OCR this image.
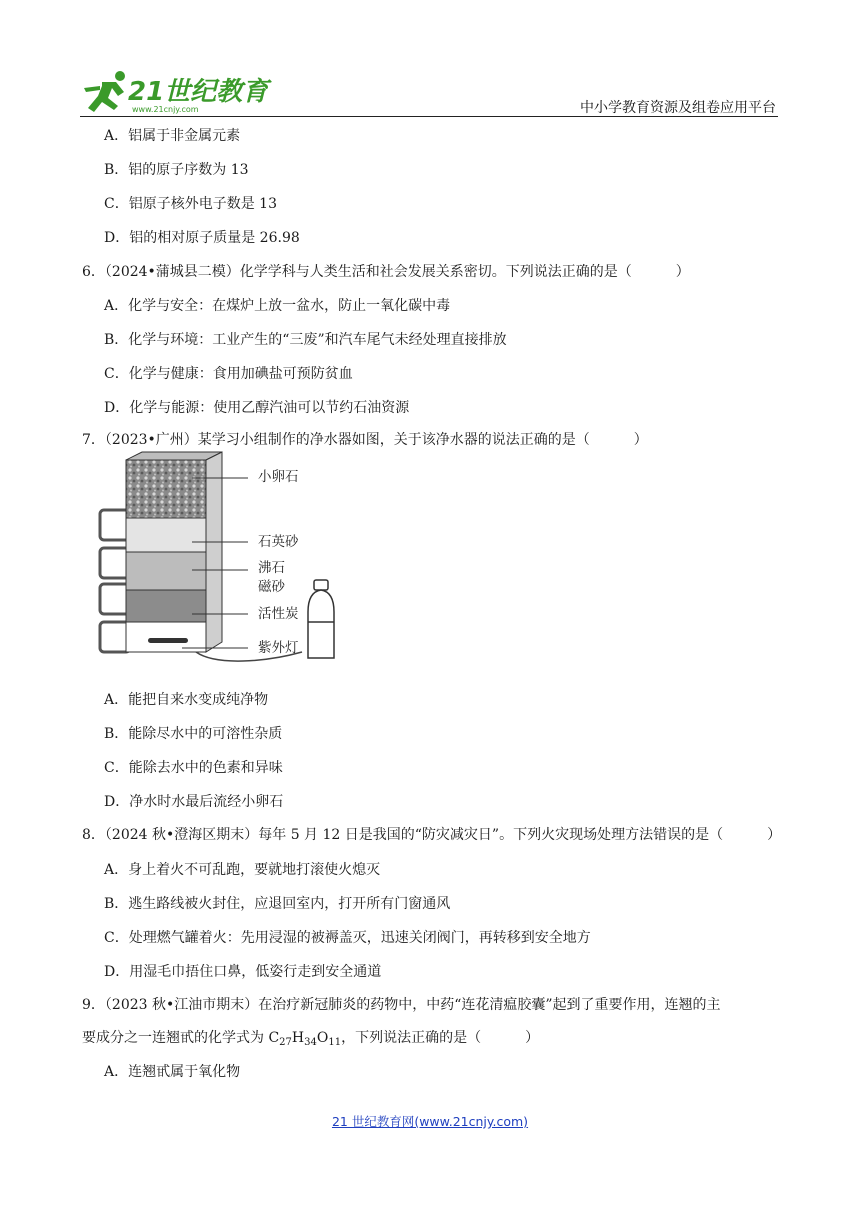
21世纪教育
www.21cnjy.com	中小学教育资源及组卷应用平台
A．铝属于非金属元素
B．铝的原子序数为 13
C．铝原子核外电子数是 13
D．铝的相对原子质量是 26.98
6．（2024•蒲城县二模）化学学科与人类生活和社会发展关系密切。下列说法正确的是（	）
A．化学与安全：在煤炉上放一盆水，防止一氧化碳中毒
B．化学与环境：工业产生的“三废”和汽车尾气未经处理直接排放
C．化学与健康：食用加碘盐可预防贫血
D．化学与能源：使用乙醇汽油可以节约石油资源
7．（2023•广州）某学习小组制作的净水器如图，关于该净水器的说法正确的是（	）
小卵石
石英砂
沸石
磁砂
活性炭
紫外灯
A．能把自来水变成纯净物
B．能除尽水中的可溶性杂质
C．能除去水中的色素和异味
D．净水时水最后流经小卵石
8．（2024 秋•澄海区期末）每年 5 月 12 日是我国的“防灾减灾日”。下列火灾现场处理方法错误的是（	）
A．身上着火不可乱跑，要就地打滚使火熄灭
B．逃生路线被火封住，应退回室内，打开所有门窗通风
C．处理燃气罐着火：先用浸湿的被褥盖灭，迅速关闭阀门，再转移到安全地方
D．用湿毛巾捂住口鼻，低姿行走到安全通道
9．（2023 秋•江油市期末）在治疗新冠肺炎的药物中，中药“连花清瘟胶囊”起到了重要作用，连翘的主
要成分之一连翘甙的化学式为 $C_{27}H_{34}O_{11}$，下列说法正确的是（	）
A．连翘甙属于氧化物
21 世纪教育网(www.21cnjy.com)
